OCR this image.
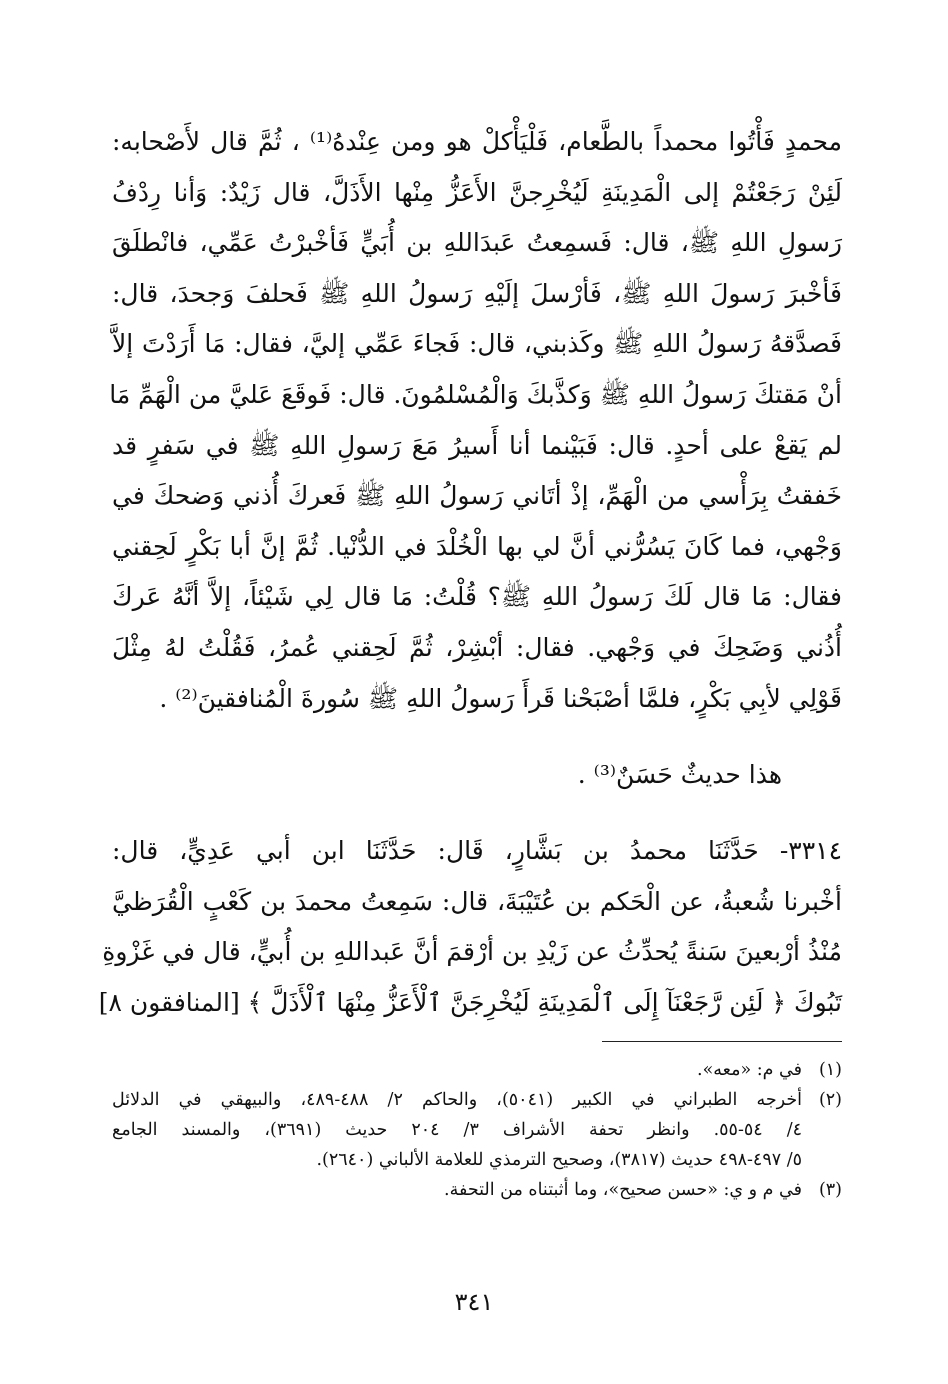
محمدٍ فَأْتُوا محمداً بالطَّعام، فَلْيَأْكلْ هو ومن عِنْدهُ⁽¹⁾ ، ثُمَّ قال لأَصْحابه:
لَئِنْ رَجَعْتُمْ إلى الْمَدِينَةِ لَيُخْرِجنَّ الأَعَزُّ مِنْها الأَذَلَّ، قال زَيْدٌ: وَأنا رِدْفُ
رَسولِ اللهِ ﷺ، قال: فَسمِعتُ عَبدَاللهِ بن أُبَيٍّ فَأخْبرْتُ عَمِّي، فانْطلَقَ
فَأخْبرَ رَسولَ اللهِ ﷺ، فَأرْسلَ إلَيْهِ رَسولُ اللهِ ﷺ فَحلفَ وَجحدَ، قال:
فَصدَّقهُ رَسولُ اللهِ ﷺ وكَذبني، قال: فَجاءَ عَمِّي إليَّ، فقال: مَا أَرَدْتَ إلاَّ
أنْ مَقتكَ رَسولُ اللهِ ﷺ وَكذَّبكَ وَالْمُسْلمُونَ. قال: فَوقَعَ عَليَّ من الْهَمِّ مَا
لم يَقعْ على أحدٍ. قال: فَبَيْنما أنا أَسيرُ مَعَ رَسولِ اللهِ ﷺ في سَفرٍ قد
خَفقتُ بِرَأْسي من الْهَمِّ، إذْ أتَاني رَسولُ اللهِ ﷺ فَعركَ أُذني وَضحكَ في
وَجْهي، فما كَانَ يَسُرُّني أنَّ لي بها الْخُلْدَ في الدُّنْيا. ثُمَّ إنَّ أبا بَكْرٍ لَحِقني
فقال: مَا قال لَكَ رَسولُ اللهِ ﷺ؟ قُلْتُ: مَا قال لِي شَيْئاً، إلاَّ أنَّهُ عَركَ
أُذُني وَضَحِكَ في وَجْهي. فقال: أبْشِرْ، ثُمَّ لَحِقني عُمرُ، فَقُلْتُ لهُ مِثْلَ
قَوْلِي لأبِي بَكْرٍ، فلمَّا أصْبَحْنا قَرأَ رَسولُ اللهِ ﷺ سُورةَ الْمُنافقينَ⁽²⁾ .
هذا حديثٌ حَسَنٌ⁽³⁾ .
٣٣١٤- حَدَّثَنَا محمدُ بن بَشَّارٍ، قَال: حَدَّثَنَا ابن أبي عَدِيٍّ، قال:
أخْبرنا شُعبةُ، عن الْحَكم بن عُتَيْبَةَ، قال: سَمِعتُ محمدَ بن كَعْبٍ الْقُرَظيَّ
مُنْذُ أرْبعينَ سَنةً يُحدِّثُ عن زَيْدِ بن أرْقمَ أنَّ عَبداللهِ بن أُبيٍّ، قال في غَزْوةِ
تَبُوكَ ﴿ لَئِن رَّجَعْنَآ إِلَى ٱلْمَدِينَةِ لَيُخْرِجَنَّ ٱلْأَعَزُّ مِنْهَا ٱلْأَذَلَّ ﴾ [المنافقون ٨]
(١)
في م: «معه».
(٢)
أخرجه الطبراني في الكبير (٥٠٤١)، والحاكم ٢/ ٤٨٨-٤٨٩، والبيهقي في الدلائل
٤/ ٥٤-٥٥. وانظر تحفة الأشراف ٣/ ٢٠٤ حديث (٣٦٩١)، والمسند الجامع
٥/ ٤٩٧-٤٩٨ حديث (٣٨١٧)، وصحيح الترمذي للعلامة الألباني (٢٦٤٠).
(٣)
في م و ي: «حسن صحيح»، وما أثبتناه من التحفة.
٣٤١
